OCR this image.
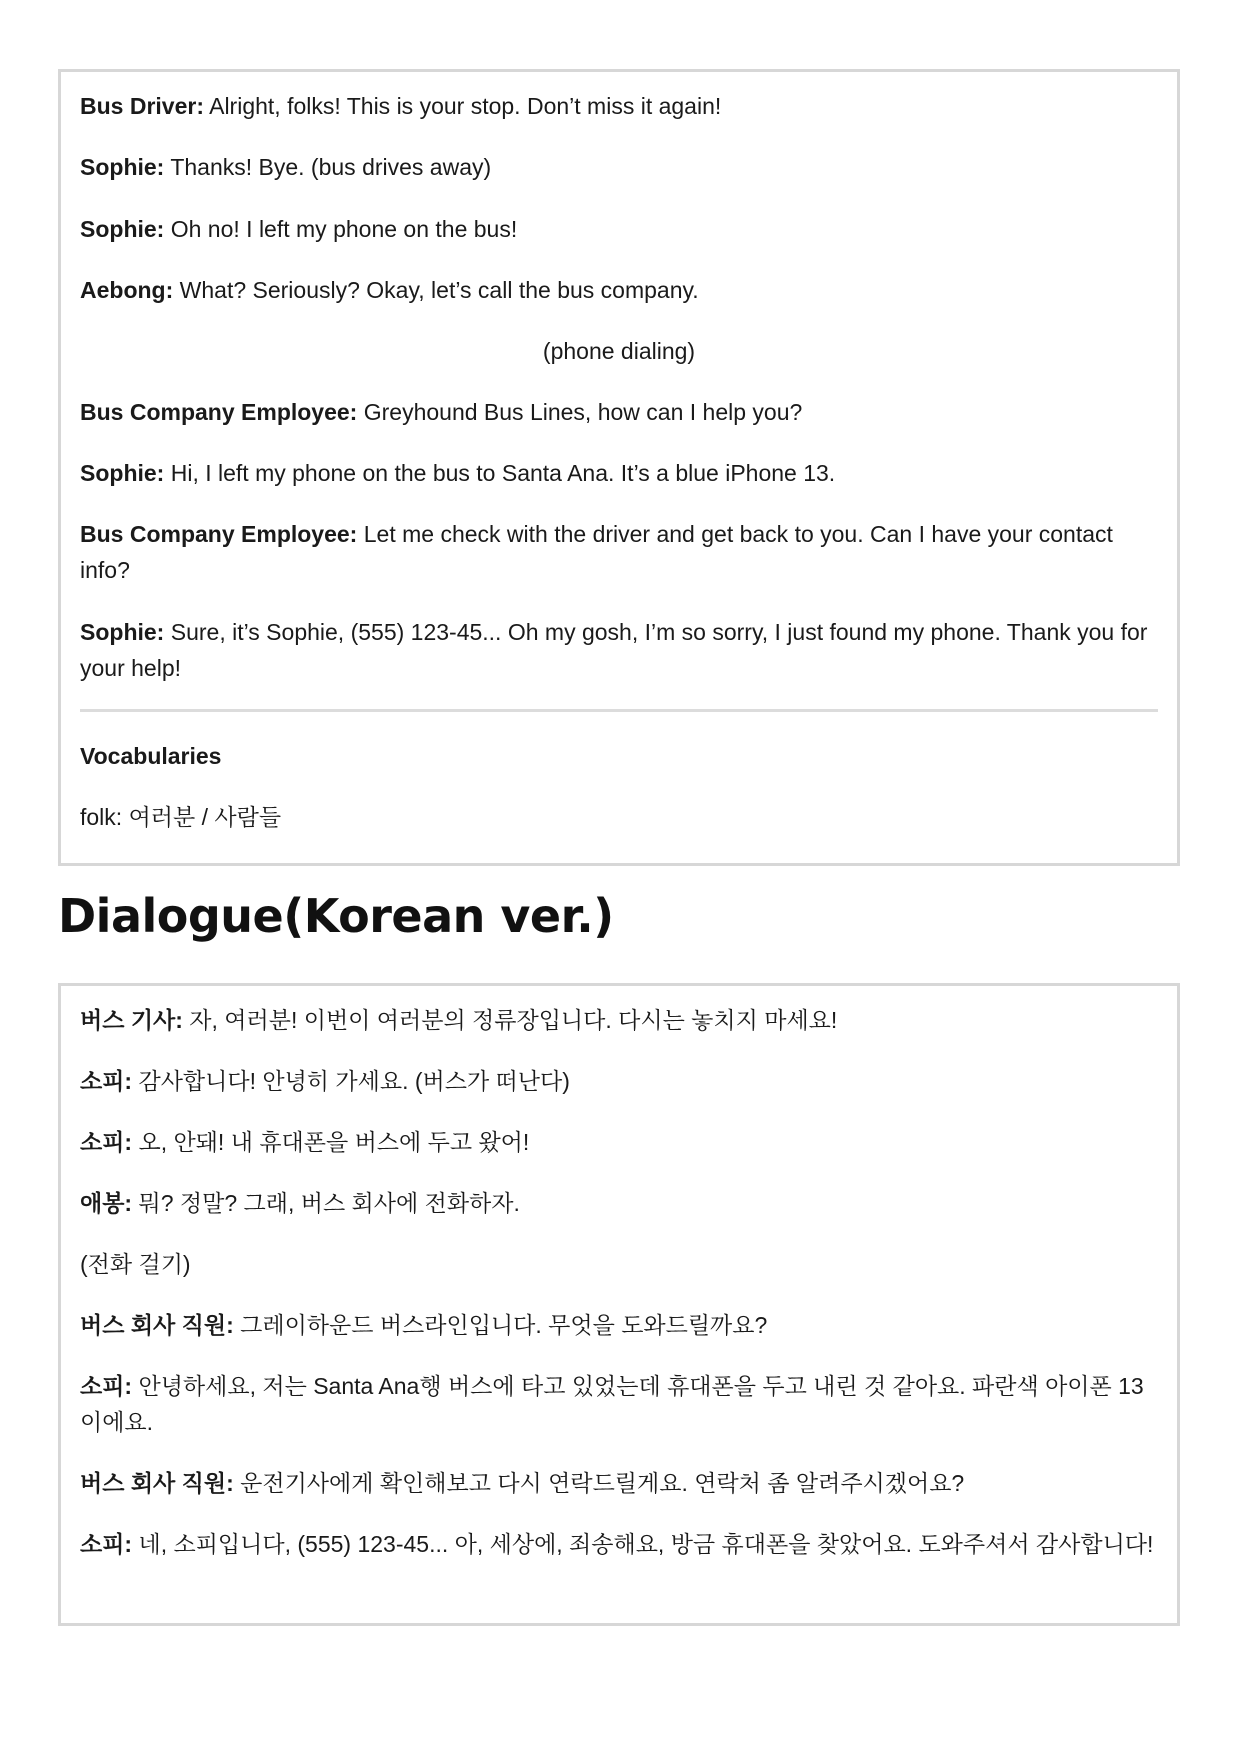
Bus Driver: Alright, folks! This is your stop. Don’t miss it again!

Sophie: Thanks! Bye. (bus drives away)

Sophie: Oh no! I left my phone on the bus!

Aebong: What? Seriously? Okay, let’s call the bus company.

(phone dialing)

Bus Company Employee: Greyhound Bus Lines, how can I help you?

Sophie: Hi, I left my phone on the bus to Santa Ana. It’s a blue iPhone 13.

Bus Company Employee: Let me check with the driver and get back to you. Can I have your contact info?

Sophie: Sure, it’s Sophie, (555) 123-45... Oh my gosh, I’m so sorry, I just found my phone. Thank you for your help!

Vocabularies

folk: 여러분 / 사람들

Dialogue(Korean ver.)

버스 기사: 자, 여러분! 이번이 여러분의 정류장입니다. 다시는 놓치지 마세요!

소피: 감사합니다! 안녕히 가세요. (버스가 떠난다)

소피: 오, 안돼! 내 휴대폰을 버스에 두고 왔어!

애봉: 뭐? 정말? 그래, 버스 회사에 전화하자.

(전화 걸기)

버스 회사 직원: 그레이하운드 버스라인입니다. 무엇을 도와드릴까요?

소피: 안녕하세요, 저는 Santa Ana행 버스에 타고 있었는데 휴대폰을 두고 내린 것 같아요. 파란색 아이폰 13이에요.

버스 회사 직원: 운전기사에게 확인해보고 다시 연락드릴게요. 연락처 좀 알려주시겠어요?

소피: 네, 소피입니다, (555) 123-45... 아, 세상에, 죄송해요, 방금 휴대폰을 찾았어요. 도와주셔서 감사합니다!
